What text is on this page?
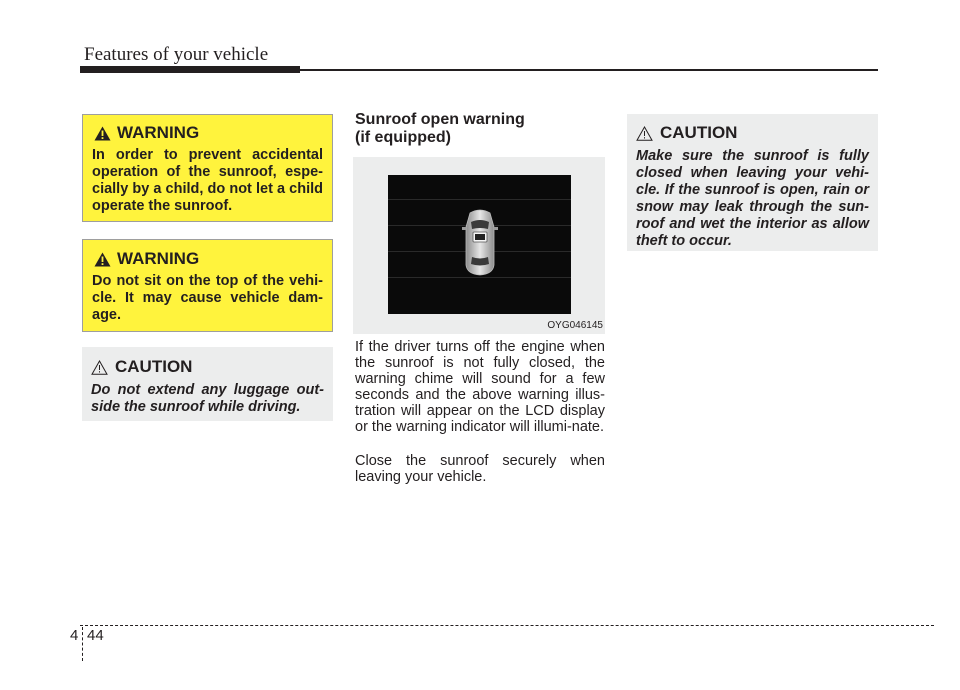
Features of your vehicle
WARNING

In order to prevent accidental operation of the sunroof, espe-cially by a child, do not let a child operate the sunroof.

WARNING

Do not sit on the top of the vehi-cle. It may cause vehicle dam-age.

CAUTION

Do not extend any luggage out-side the sunroof while driving.

Sunroof open warning
(if equipped)
OYG046145

If the driver turns off the engine when the sunroof is not fully closed, the warning chime will sound for a few seconds and the above warning illus-tration will appear on the LCD display or the warning indicator will illumi-nate.

Close the sunroof securely when leaving your vehicle.

CAUTION

Make sure the sunroof is fully closed when leaving your vehi-cle. If the sunroof is open, rain or snow may leak through the sun-roof and wet the interior as allow theft to occur.

4 44
